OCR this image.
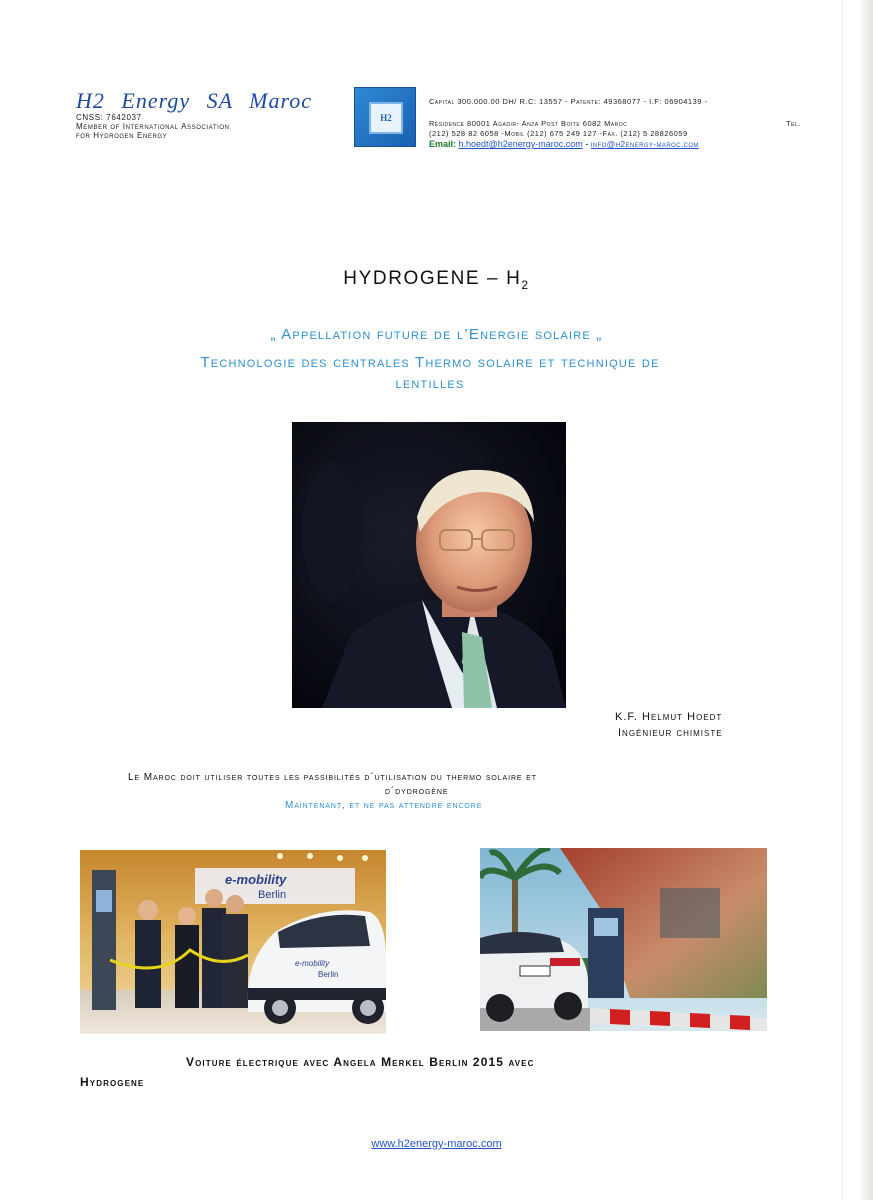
H2 Energy SA Maroc
CNSS: 7642037
Member of International Association
for Hydrogen Energy
H2
Capital 300.000.00 DH/ R.C: 13557 - Patente: 49368077 - I.F: 06904139 -
Tel.
Résidence 80001 Agadir- Anza Post Boite 6082 Maroc
(212) 528 82 6058 -Mobil (212) 675 249 127 -Fax. (212) 5 28826059
Email: h.hoedt@h2energy-maroc.com - info@h2energy-maroc.com
HYDROGENE – $H_2$
„ Appellation future de l’Energie solaire „
Technologie des centrales Thermo solaire et technique de
lentilles
K.F. Helmut Hoedt
Ingénieur chimiste
Le Maroc doit utiliser toutes les passibilités d´utilisation du thermo solaire et
d´dydrogène
Maintenant, et ne pas attendre encore
e-mobility
Berlin
e-mobility
Berlin
Voiture électrique avec Angela Merkel Berlin 2015 avec
Hydrogene
www.h2energy-maroc.com
